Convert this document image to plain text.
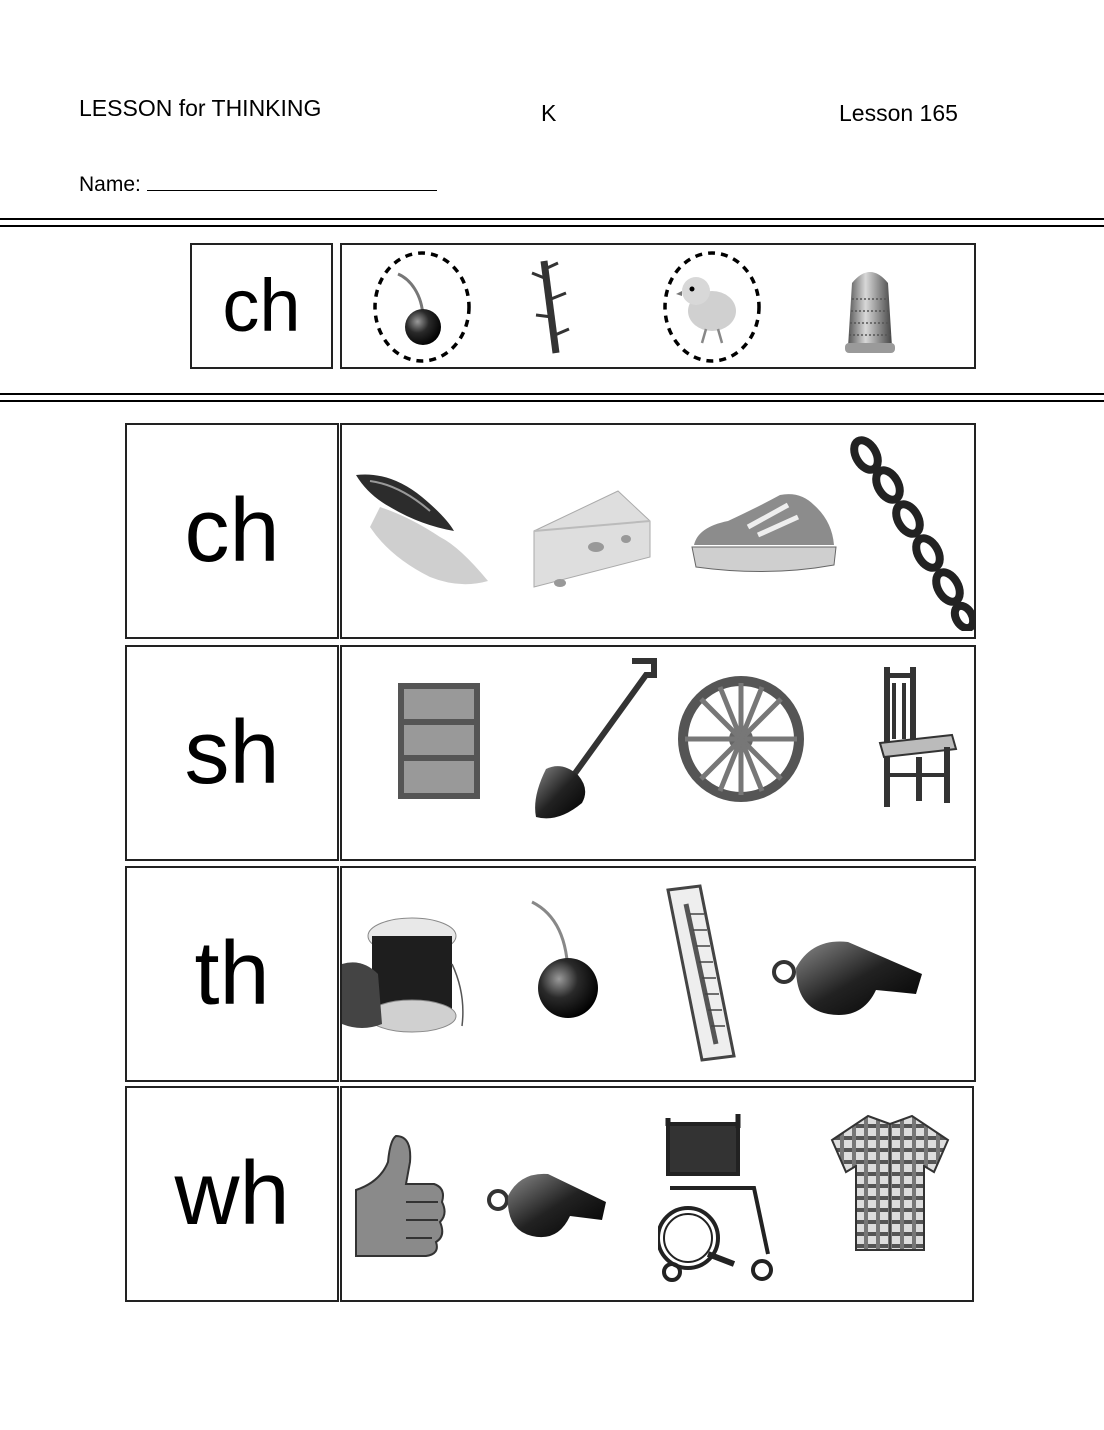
LESSON for THINKING	K	Lesson 165
Name:
ch
ch
sh
th
wh
